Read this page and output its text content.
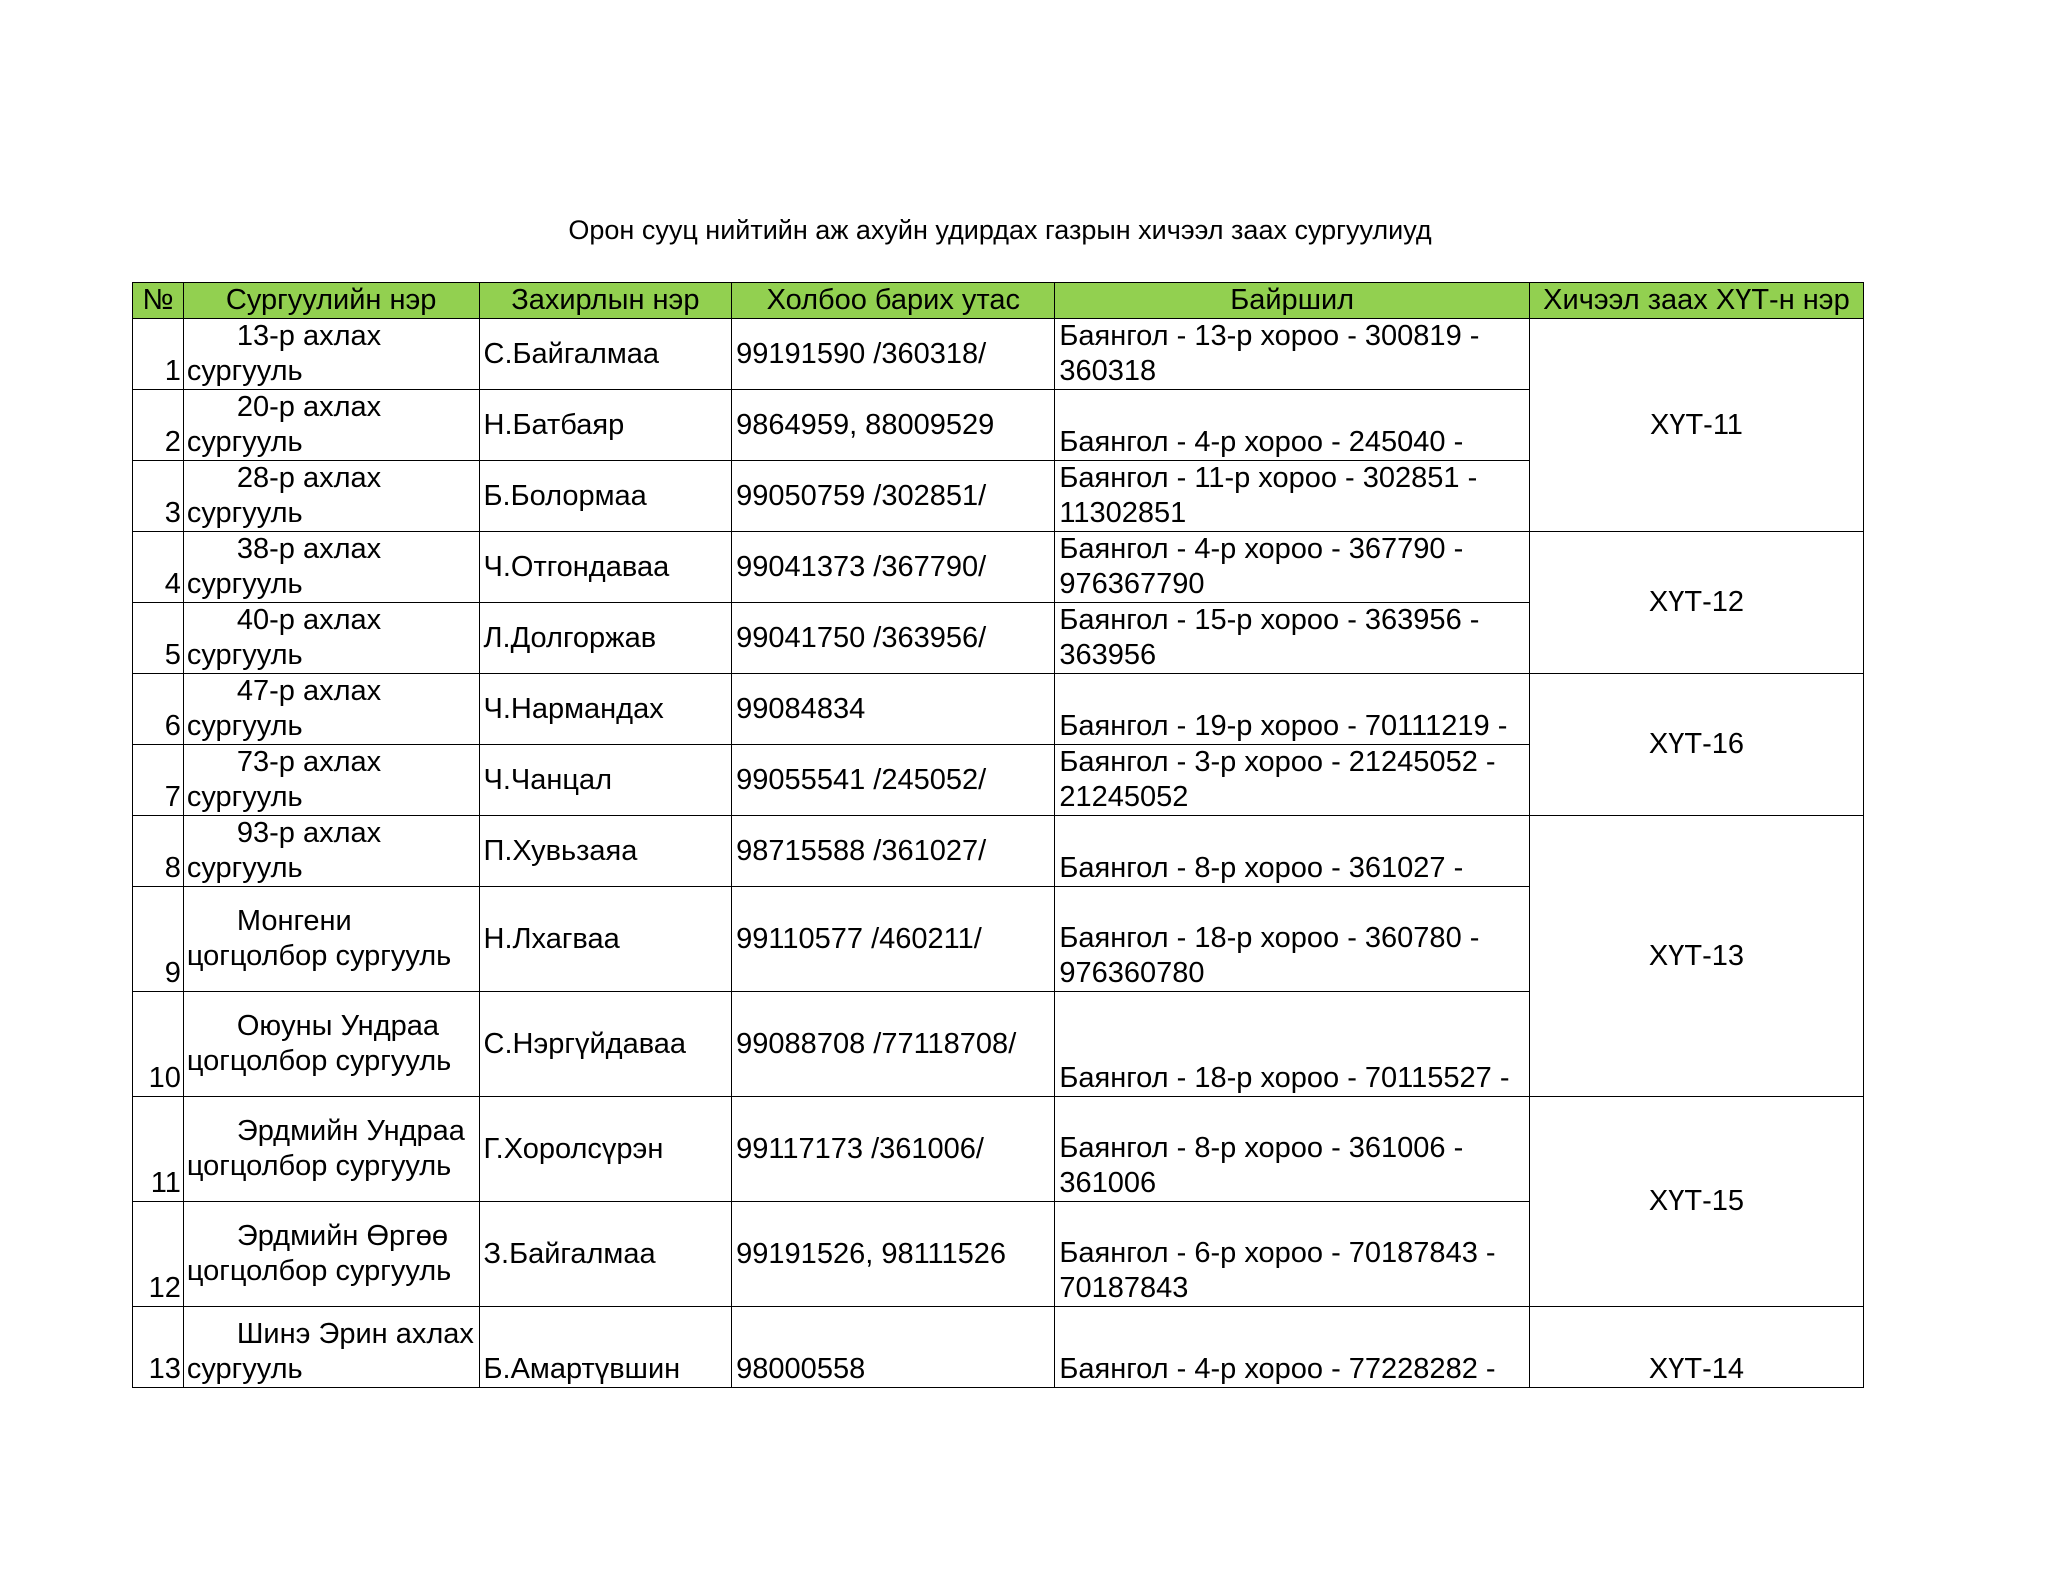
Орон сууц нийтийн аж ахуйн удирдах газрын хичээл заах сургуулиуд
№	Сургуулийн нэр	Захирлын нэр	Холбоо барих утас	Байршил	Хичээл заах ХҮТ-н нэр
1	13-р ахлах
сургууль	С.Байгалмаа	99191590 /360318/	Баянгол - 13-р хороо - 300819 -
360318	ХҮТ-11
2	20-р ахлах
сургууль	Н.Батбаяр	9864959, 88009529	Баянгол - 4-р хороо - 245040 -	

3	28-р ахлах
сургууль	Б.Болормаа	99050759 /302851/	Баянгол - 11-р хороо - 302851 -
11302851	

4	38-р ахлах
сургууль	Ч.Отгондаваа	99041373 /367790/	Баянгол - 4-р хороо - 367790 -
976367790	ХҮТ-12
5	40-р ахлах
сургууль	Л.Долгоржав	99041750 /363956/	Баянгол - 15-р хороо - 363956 -
363956	

6	47-р ахлах
сургууль	Ч.Нармандах	99084834	Баянгол - 19-р хороо - 70111219 -	ХҮТ-16
7	73-р ахлах
сургууль	Ч.Чанцал	99055541 /245052/	Баянгол - 3-р хороо - 21245052 -
21245052	

8	93-р ахлах
сургууль	П.Хувьзаяа	98715588 /361027/	Баянгол - 8-р хороо - 361027 -	ХҮТ-13
9	Монгени
цогцолбор сургууль	Н.Лхагваа	99110577 /460211/	Баянгол - 18-р хороо - 360780 -
976360780	

10	Оюуны Ундраа
цогцолбор сургууль	С.Нэргүйдаваа	99088708 /77118708/	Баянгол - 18-р хороо - 70115527 -	

11	Эрдмийн Ундраа
цогцолбор сургууль	Г.Хоролсүрэн	99117173 /361006/	Баянгол - 8-р хороо - 361006 -
361006	ХҮТ-15
12	Эрдмийн Өргөө
цогцолбор сургууль	З.Байгалмаа	99191526, 98111526	Баянгол - 6-р хороо - 70187843 -
70187843	

13	Шинэ Эрин ахлах
сургууль	Б.Амартүвшин	98000558	Баянгол - 4-р хороо - 77228282 -	ХҮТ-14
